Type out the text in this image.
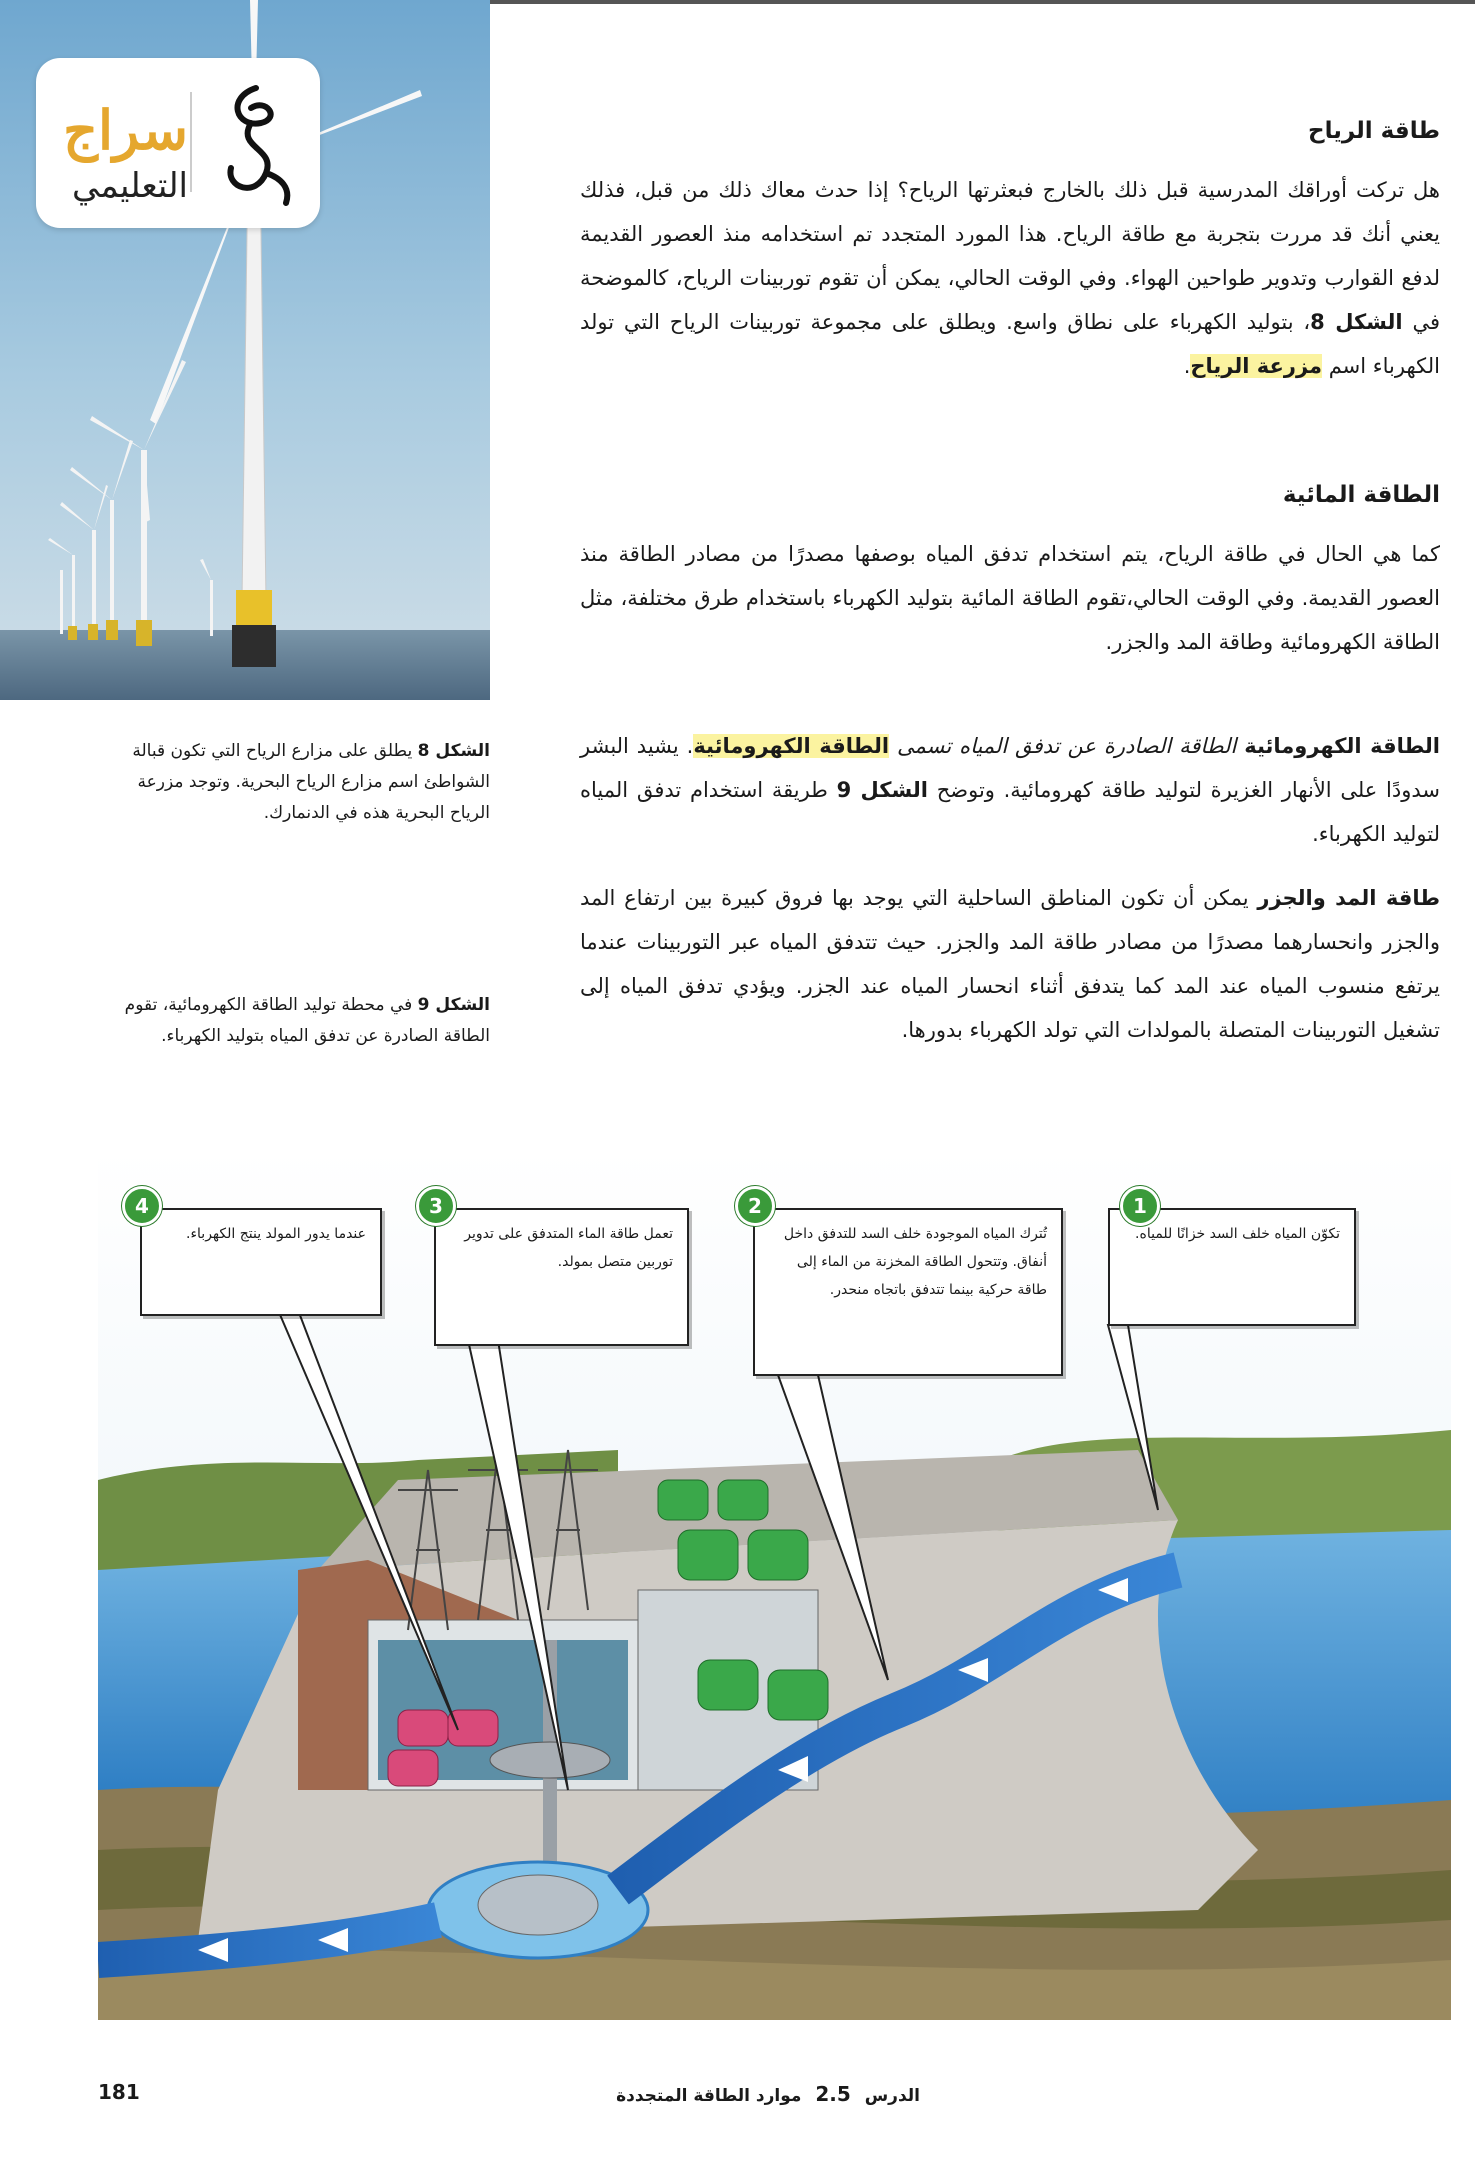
سراج
التعليمي
طاقة الرياح

هل تركت أوراقك المدرسية قبل ذلك بالخارج فبعثرتها الرياح؟ إذا حدث معاك ذلك من قبل، فذلك يعني أنك قد مررت بتجربة مع طاقة الرياح. هذا المورد المتجدد تم استخدامه منذ العصور القديمة لدفع القوارب وتدوير طواحين الهواء. وفي الوقت الحالي، يمكن أن تقوم توربينات الرياح، كالموضحة في الشكل 8، بتوليد الكهرباء على نطاق واسع. ويطلق على مجموعة توربينات الرياح التي تولد الكهرباء اسم مزرعة الرياح.

الطاقة المائية

كما هي الحال في طاقة الرياح، يتم استخدام تدفق المياه بوصفها مصدرًا من مصادر الطاقة منذ العصور القديمة. وفي الوقت الحالي،تقوم الطاقة المائية بتوليد الكهرباء باستخدام طرق مختلفة، مثل الطاقة الكهرومائية وطاقة المد والجزر.

الطاقة الكهرومائية الطاقة الصادرة عن تدفق المياه تسمى الطاقة الكهرومائية. يشيد البشر سدودًا على الأنهار الغزيرة لتوليد طاقة كهرومائية. وتوضح الشكل 9 طريقة استخدام تدفق المياه لتوليد الكهرباء.

طاقة المد والجزر يمكن أن تكون المناطق الساحلية التي يوجد بها فروق كبيرة بين ارتفاع المد والجزر وانحسارهما مصدرًا من مصادر طاقة المد والجزر. حيث تتدفق المياه عبر التوربينات عندما يرتفع منسوب المياه عند المد كما يتدفق أثناء انحسار المياه عند الجزر. ويؤدي تدفق المياه إلى تشغيل التوربينات المتصلة بالمولدات التي تولد الكهرباء بدورها.

الشكل 8 يطلق على مزارع الرياح التي تكون قبالة الشواطئ اسم مزارع الرياح البحرية. وتوجد مزرعة الرياح البحرية هذه في الدنمارك.
الشكل 9 في محطة توليد الطاقة الكهرومائية، تقوم الطاقة الصادرة عن تدفق المياه بتوليد الكهرباء.
تكوّن المياه خلف السد خزانًا للمياه.
1
تُترك المياه الموجودة خلف السد للتدفق داخل أنفاق. وتتحول الطاقة المخزنة من الماء إلى طاقة حركية بينما تتدفق باتجاه منحدر.
2
تعمل طاقة الماء المتدفق على تدوير توربين متصل بمولد.
3
عندما يدور المولد ينتج الكهرباء.
4
الدرس 2.5 موارد الطاقة المتجددة
181
